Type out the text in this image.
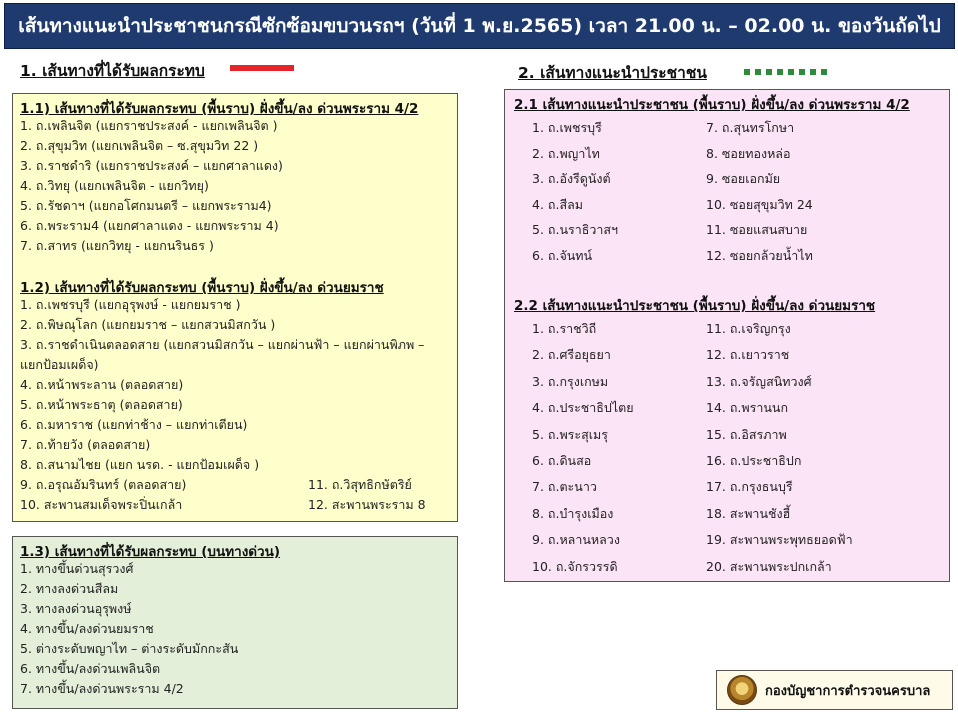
เส้นทางแนะนำประชาชนกรณีซักซ้อมขบวนรถฯ (วันที่ 1 พ.ย.2565) เวลา 21.00 น. – 02.00 น. ของวันถัดไป
1. เส้นทางที่ได้รับผลกระทบ	2. เส้นทางแนะนำประชาชน
1.1) เส้นทางที่ได้รับผลกระทบ (พื้นราบ) ฝั่งขึ้น/ลง ด่วนพระราม 4/2
1. ถ.เพลินจิต (แยกราชประสงค์ - แยกเพลินจิต )
2. ถ.สุขุมวิท (แยกเพลินจิต – ซ.สุขุมวิท 22 )
3. ถ.ราชดำริ (แยกราชประสงค์ – แยกศาลาแดง)
4. ถ.วิทยุ (แยกเพลินจิต - แยกวิทยุ)
5. ถ.รัชดาฯ (แยกอโศกมนตรี – แยกพระราม4)
6. ถ.พระราม4 (แยกศาลาแดง - แยกพระราม 4)
7. ถ.สาทร (แยกวิทยุ - แยกนรินธร )
1.2) เส้นทางที่ได้รับผลกระทบ (พื้นราบ) ฝั่งขึ้น/ลง ด่วนยมราช
1. ถ.เพชรบุรี (แยกอุรุพงษ์ - แยกยมราช )
2. ถ.พิษณุโลก (แยกยมราช – แยกสวนมิสกวัน )
3. ถ.ราชดำเนินตลอดสาย (แยกสวนมิสกวัน – แยกผ่านฟ้า – แยกผ่านพิภพ – แยกป้อมเผด็จ)
4. ถ.หน้าพระลาน (ตลอดสาย)
5. ถ.หน้าพระธาตุ (ตลอดสาย)
6. ถ.มหาราช (แยกท่าช้าง – แยกท่าเตียน)
7. ถ.ท้ายวัง (ตลอดสาย)
8. ถ.สนามไชย (แยก นรด. - แยกป้อมเผด็จ )
9. ถ.อรุณอัมรินทร์ (ตลอดสาย)
10. สะพานสมเด็จพระปิ่นเกล้า
11. ถ.วิสุทธิกษัตริย์
12. สะพานพระราม 8
1.3) เส้นทางที่ได้รับผลกระทบ (บนทางด่วน)
1. ทางขึ้นด่วนสุรวงศ์
2. ทางลงด่วนสีลม
3. ทางลงด่วนอุรุพงษ์
4. ทางขึ้น/ลงด่วนยมราช
5. ต่างระดับพญาไท – ต่างระดับมักกะสัน
6. ทางขึ้น/ลงด่วนเพลินจิต
7. ทางขึ้น/ลงด่วนพระราม 4/2
2.1 เส้นทางแนะนำประชาชน (พื้นราบ) ฝั่งขึ้น/ลง ด่วนพระราม 4/2
1. ถ.เพชรบุรี
2. ถ.พญาไท
3. ถ.อังรีดูนังต์
4. ถ.สีลม
5. ถ.นราธิวาสฯ
6. ถ.จันทน์
7. ถ.สุนทรโกษา
8. ซอยทองหล่อ
9. ซอยเอกมัย
10. ซอยสุขุมวิท 24
11. ซอยแสนสบาย
12. ซอยกล้วยน้ำไท
2.2 เส้นทางแนะนำประชาชน (พื้นราบ) ฝั่งขึ้น/ลง ด่วนยมราช
1. ถ.ราชวิถี
2. ถ.ศรีอยุธยา
3. ถ.กรุงเกษม
4. ถ.ประชาธิปไตย
5. ถ.พระสุเมรุ
6. ถ.ดินสอ
7. ถ.ตะนาว
8. ถ.บำรุงเมือง
9. ถ.หลานหลวง
10. ถ.จักรวรรดิ
11. ถ.เจริญกรุง
12. ถ.เยาวราช
13. ถ.จรัญสนิทวงศ์
14. ถ.พรานนก
15. ถ.อิสรภาพ
16. ถ.ประชาธิปก
17. ถ.กรุงธนบุรี
18. สะพานชังฮี้
19. สะพานพระพุทธยอดฟ้า
20. สะพานพระปกเกล้า
กองบัญชาการตำรวจนครบาล
